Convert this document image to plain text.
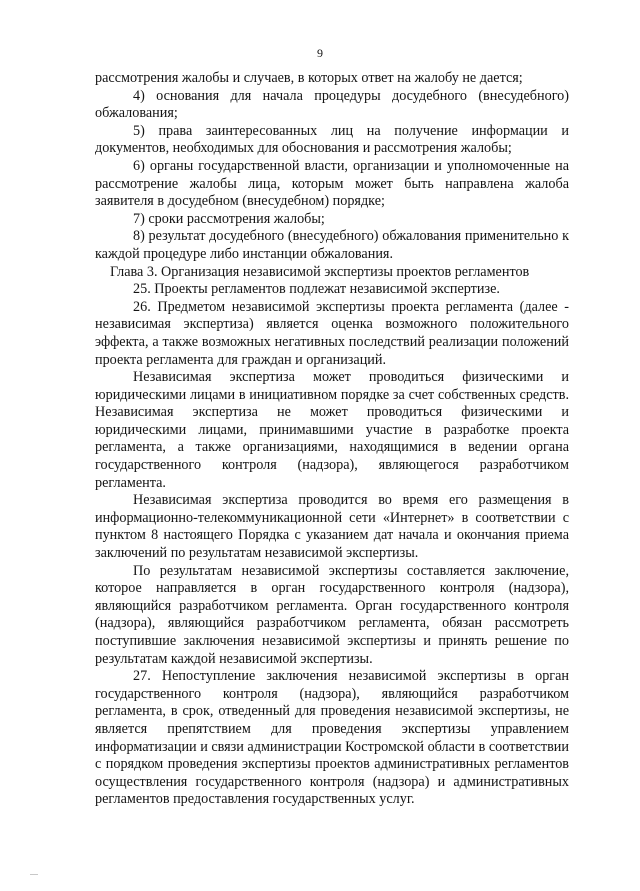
9

рассмотрения жалобы и случаев, в которых ответ на жалобу не дается;

4) основания для начала процедуры досудебного (внесудебного) обжалования;

5) права заинтересованных лиц на получение информации и документов, необходимых для обоснования и рассмотрения жалобы;

6) органы государственной власти, организации и уполномоченные на рассмотрение жалобы лица, которым может быть направлена жалоба заявителя в досудебном (внесудебном) порядке;

7) сроки рассмотрения жалобы;

8) результат досудебного (внесудебного) обжалования применительно к каждой процедуре либо инстанции обжалования.

Глава 3. Организация независимой экспертизы проектов регламентов

25. Проекты регламентов подлежат независимой экспертизе.

26. Предметом независимой экспертизы проекта регламента (далее - независимая экспертиза) является оценка возможного положительного эффекта, а также возможных негативных последствий реализации положений проекта регламента для граждан и организаций.

Независимая экспертиза может проводиться физическими и юридическими лицами в инициативном порядке за счет собственных средств. Независимая экспертиза не может проводиться физическими и юридическими лицами, принимавшими участие в разработке проекта регламента, а также организациями, находящимися в ведении органа государственного контроля (надзора), являющегося разработчиком регламента.

Независимая экспертиза проводится во время его размещения в информационно-телекоммуникационной сети «Интернет» в соответствии с пунктом 8 настоящего Порядка с указанием дат начала и окончания приема заключений по результатам независимой экспертизы.

По результатам независимой экспертизы составляется заключение, которое направляется в орган государственного контроля (надзора), являющийся разработчиком регламента. Орган государственного контроля (надзора), являющийся разработчиком регламента, обязан рассмотреть поступившие заключения независимой экспертизы и принять решение по результатам каждой независимой экспертизы.

27. Непоступление заключения независимой экспертизы в орган государственного контроля (надзора), являющийся разработчиком регламента, в срок, отведенный для проведения независимой экспертизы, не является препятствием для проведения экспертизы управлением информатизации и связи администрации Костромской области в соответствии с порядком проведения экспертизы проектов административных регламентов осуществления государственного контроля (надзора) и административных регламентов предоставления государственных услуг.
